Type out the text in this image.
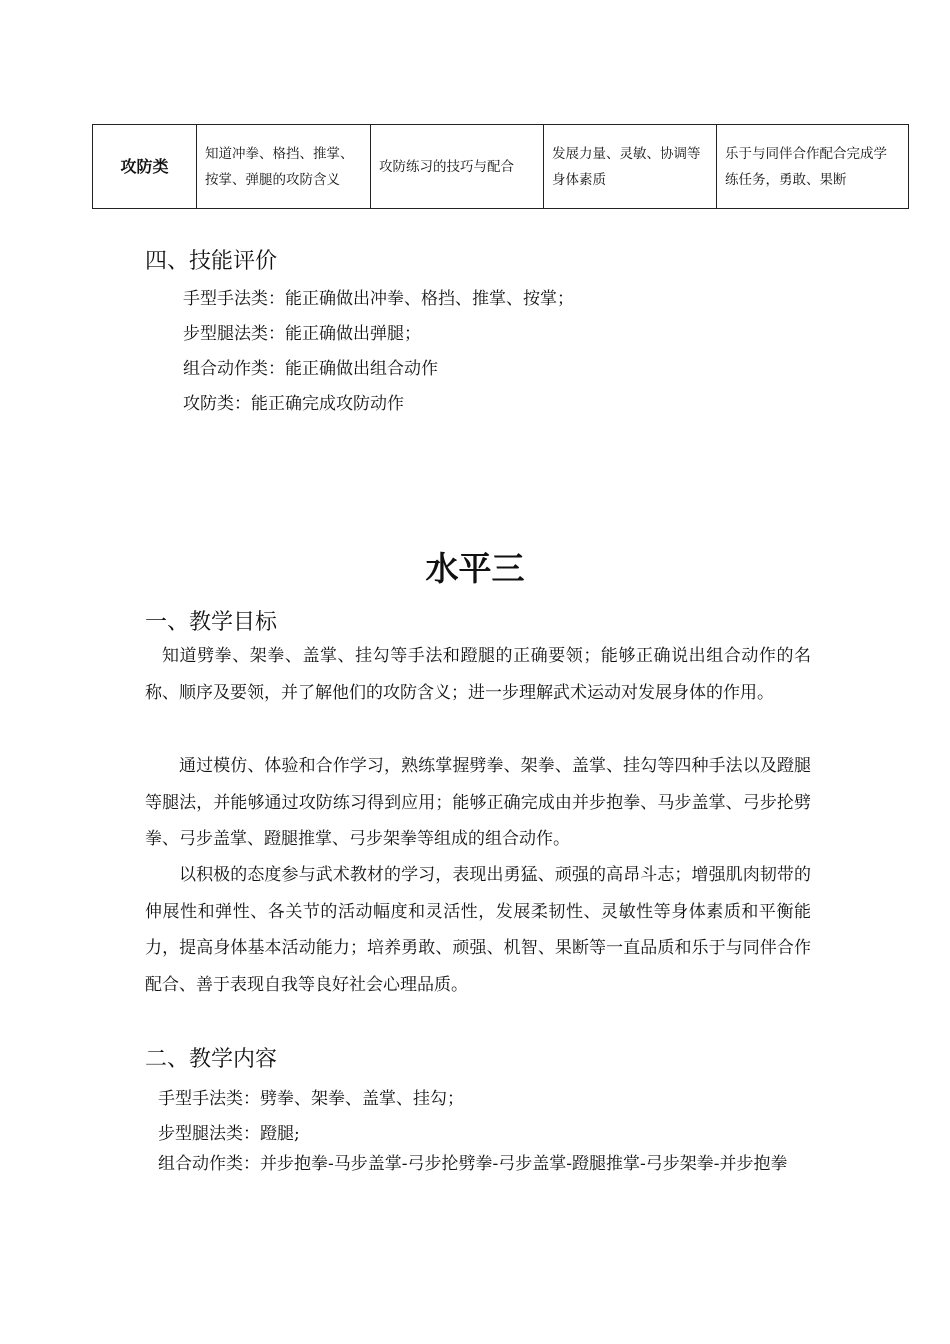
攻防类	知道冲拳、格挡、推掌、按掌、弹腿的攻防含义	攻防练习的技巧与配合	发展力量、灵敏、协调等身体素质	乐于与同伴合作配合完成学练任务，勇敢、果断
四、技能评价

手型手法类：能正确做出冲拳、格挡、推掌、按掌；

步型腿法类：能正确做出弹腿；

组合动作类：能正确做出组合动作

攻防类：能正确完成攻防动作

水平三
一、教学目标

知道劈拳、架拳、盖掌、挂勾等手法和蹬腿的正确要领；能够正确说出组合动作的名称、顺序及要领，并了解他们的攻防含义；进一步理解武术运动对发展身体的作用。

通过模仿、体验和合作学习，熟练掌握劈拳、架拳、盖掌、挂勾等四种手法以及蹬腿等腿法，并能够通过攻防练习得到应用；能够正确完成由并步抱拳、马步盖掌、弓步抡劈拳、弓步盖掌、蹬腿推掌、弓步架拳等组成的组合动作。

以积极的态度参与武术教材的学习，表现出勇猛、顽强的高昂斗志；增强肌肉韧带的伸展性和弹性、各关节的活动幅度和灵活性，发展柔韧性、灵敏性等身体素质和平衡能力，提高身体基本活动能力；培养勇敢、顽强、机智、果断等一直品质和乐于与同伴合作配合、善于表现自我等良好社会心理品质。

二、教学内容

手型手法类：劈拳、架拳、盖掌、挂勾；

步型腿法类：蹬腿;

组合动作类：并步抱拳-马步盖掌-弓步抡劈拳-弓步盖掌-蹬腿推掌-弓步架拳-并步抱拳
